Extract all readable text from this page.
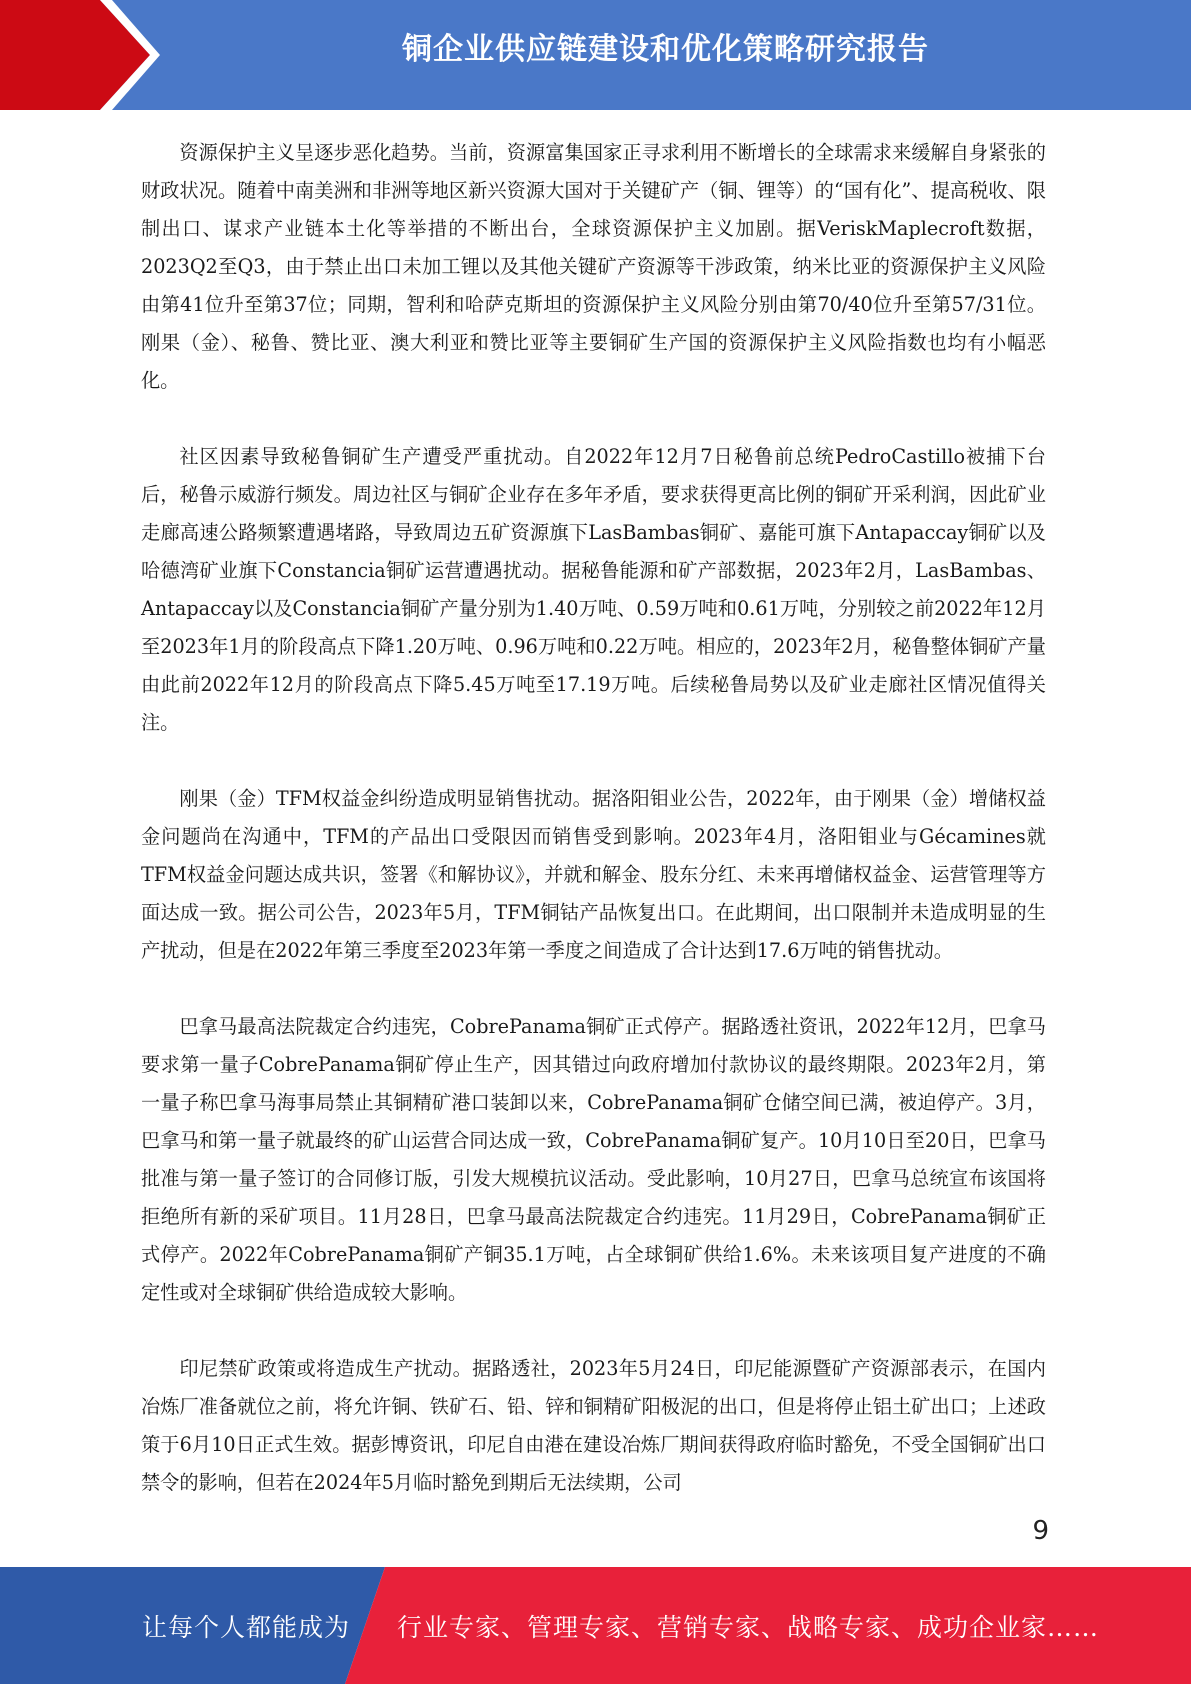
铜企业供应链建设和优化策略研究报告

资源保护主义呈逐步恶化趋势。当前，资源富集国家正寻求利用不断增长的全球需求来缓解自身紧张的财政状况。随着中南美洲和非洲等地区新兴资源大国对于关键矿产（铜、锂等）的“国有化”、提高税收、限制出口、谋求产业链本土化等举措的不断出台，全球资源保护主义加剧。据VeriskMaplecroft数据，2023Q2至Q3，由于禁止出口未加工锂以及其他关键矿产资源等干涉政策，纳米比亚的资源保护主义风险由第41位升至第37位；同期，智利和哈萨克斯坦的资源保护主义风险分别由第70/40位升至第57/31位。刚果（金）、秘鲁、赞比亚、澳大利亚和赞比亚等主要铜矿生产国的资源保护主义风险指数也均有小幅恶化。

社区因素导致秘鲁铜矿生产遭受严重扰动。自2022年12月7日秘鲁前总统PedroCastillo被捕下台后，秘鲁示威游行频发。周边社区与铜矿企业存在多年矛盾，要求获得更高比例的铜矿开采利润，因此矿业走廊高速公路频繁遭遇堵路，导致周边五矿资源旗下LasBambas铜矿、嘉能可旗下Antapaccay铜矿以及哈德湾矿业旗下Constancia铜矿运营遭遇扰动。据秘鲁能源和矿产部数据，2023年2月，LasBambas、Antapaccay以及Constancia铜矿产量分别为1.40万吨、0.59万吨和0.61万吨，分别较之前2022年12月至2023年1月的阶段高点下降1.20万吨、0.96万吨和0.22万吨。相应的，2023年2月，秘鲁整体铜矿产量由此前2022年12月的阶段高点下降5.45万吨至17.19万吨。后续秘鲁局势以及矿业走廊社区情况值得关注。

刚果（金）TFM权益金纠纷造成明显销售扰动。据洛阳钼业公告，2022年，由于刚果（金）增储权益金问题尚在沟通中，TFM的产品出口受限因而销售受到影响。2023年4月，洛阳钼业与Gécamines就TFM权益金问题达成共识，签署《和解协议》，并就和解金、股东分红、未来再增储权益金、运营管理等方面达成一致。据公司公告，2023年5月，TFM铜钴产品恢复出口。在此期间，出口限制并未造成明显的生产扰动，但是在2022年第三季度至2023年第一季度之间造成了合计达到17.6万吨的销售扰动。

巴拿马最高法院裁定合约违宪，CobrePanama铜矿正式停产。据路透社资讯，2022年12月，巴拿马要求第一量子CobrePanama铜矿停止生产，因其错过向政府增加付款协议的最终期限。2023年2月，第一量子称巴拿马海事局禁止其铜精矿港口装卸以来，CobrePanama铜矿仓储空间已满，被迫停产。3月，巴拿马和第一量子就最终的矿山运营合同达成一致，CobrePanama铜矿复产。10月10日至20日，巴拿马批准与第一量子签订的合同修订版，引发大规模抗议活动。受此影响，10月27日，巴拿马总统宣布该国将拒绝所有新的采矿项目。11月28日，巴拿马最高法院裁定合约违宪。11月29日，CobrePanama铜矿正式停产。2022年CobrePanama铜矿产铜35.1万吨，占全球铜矿供给1.6%。未来该项目复产进度的不确定性或对全球铜矿供给造成较大影响。

印尼禁矿政策或将造成生产扰动。据路透社，2023年5月24日，印尼能源暨矿产资源部表示，在国内冶炼厂准备就位之前，将允许铜、铁矿石、铅、锌和铜精矿阳极泥的出口，但是将停止铝土矿出口；上述政策于6月10日正式生效。据彭博资讯，印尼自由港在建设冶炼厂期间获得政府临时豁免，不受全国铜矿出口禁令的影响，但若在2024年5月临时豁免到期后无法续期，公司

9
让每个人都能成为 行业专家、管理专家、营销专家、战略专家、成功企业家……
